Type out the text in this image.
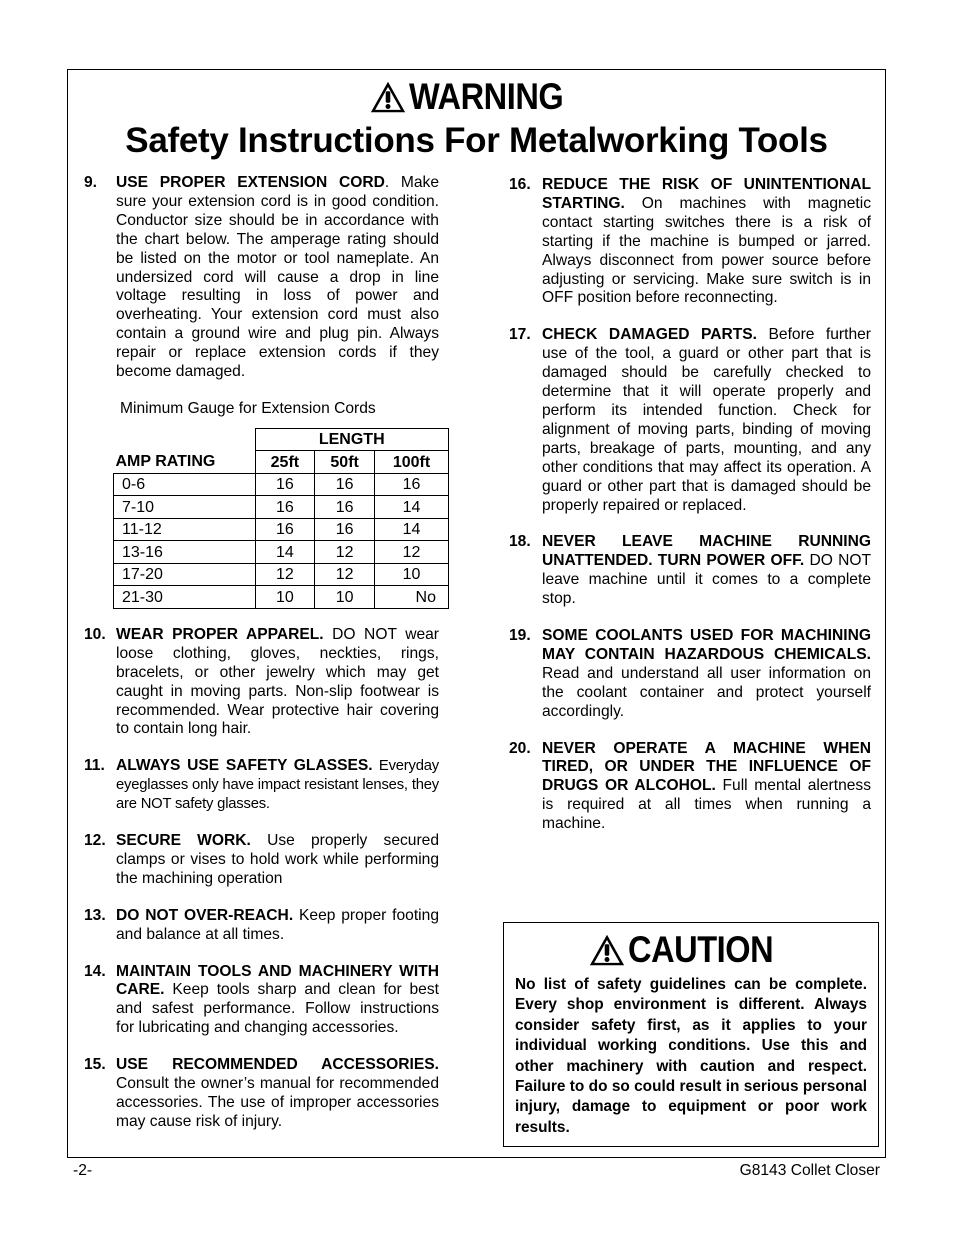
WARNING
Safety Instructions For Metalworking Tools
9.	USE PROPER EXTENSION CORD. Make sure your extension cord is in good condition. Conductor size should be in accordance with the chart below. The amperage rating should be listed on the motor or tool nameplate. An undersized cord will cause a drop in line voltage resulting in loss of power and overheating. Your extension cord must also contain a ground wire and plug pin. Always repair or replace extension cords if they become damaged.
Minimum Gauge for Extension Cords
	LENGTH		
AMP RATING	25ft	50ft	100ft
0-6	16	16	16
7-10	16	16	14
11-12	16	16	14
13-16	14	12	12
17-20	12	12	10
21-30	10	10	No
10. WEAR PROPER APPAREL. DO NOT wear loose clothing, gloves, neckties, rings, bracelets, or other jewelry which may get caught in moving parts. Non-slip footwear is recommended. Wear protective hair covering to contain long hair.
11. ALWAYS USE SAFETY GLASSES. Everyday eyeglasses only have impact resistant lenses, they are NOT safety glasses.
12. SECURE WORK. Use properly secured clamps or vises to hold work while performing the machining operation
13. DO NOT OVER-REACH. Keep proper footing and balance at all times.
14. MAINTAIN TOOLS AND MACHINERY WITH CARE. Keep tools sharp and clean for best and safest performance. Follow instructions for lubricating and changing accessories.
15. USE RECOMMENDED ACCESSORIES. Consult the owner’s manual for recommended accessories. The use of improper accessories may cause risk of injury.
16. REDUCE THE RISK OF UNINTENTIONAL STARTING. On machines with magnetic contact starting switches there is a risk of starting if the machine is bumped or jarred. Always disconnect from power source before adjusting or servicing. Make sure switch is in OFF position before reconnecting.
17. CHECK DAMAGED PARTS. Before further use of the tool, a guard or other part that is damaged should be carefully checked to determine that it will operate properly and perform its intended function. Check for alignment of moving parts, binding of moving parts, breakage of parts, mounting, and any other conditions that may affect its operation. A guard or other part that is damaged should be properly repaired or replaced.
18. NEVER LEAVE MACHINE RUNNING UNATTENDED. TURN POWER OFF. DO NOT leave machine until it comes to a complete stop.
19. SOME COOLANTS USED FOR MACHINING MAY CONTAIN HAZARDOUS CHEMICALS. Read and understand all user information on the coolant container and protect yourself accordingly.
20. NEVER OPERATE A MACHINE WHEN TIRED, OR UNDER THE INFLUENCE OF DRUGS OR ALCOHOL. Full mental alertness is required at all times when running a machine.
CAUTION
No list of safety guidelines can be complete. Every shop environment is different. Always consider safety first, as it applies to your individual working conditions. Use this and other machinery with caution and respect. Failure to do so could result in serious personal injury, damage to equipment or poor work results.
-2-	G8143 Collet Closer
